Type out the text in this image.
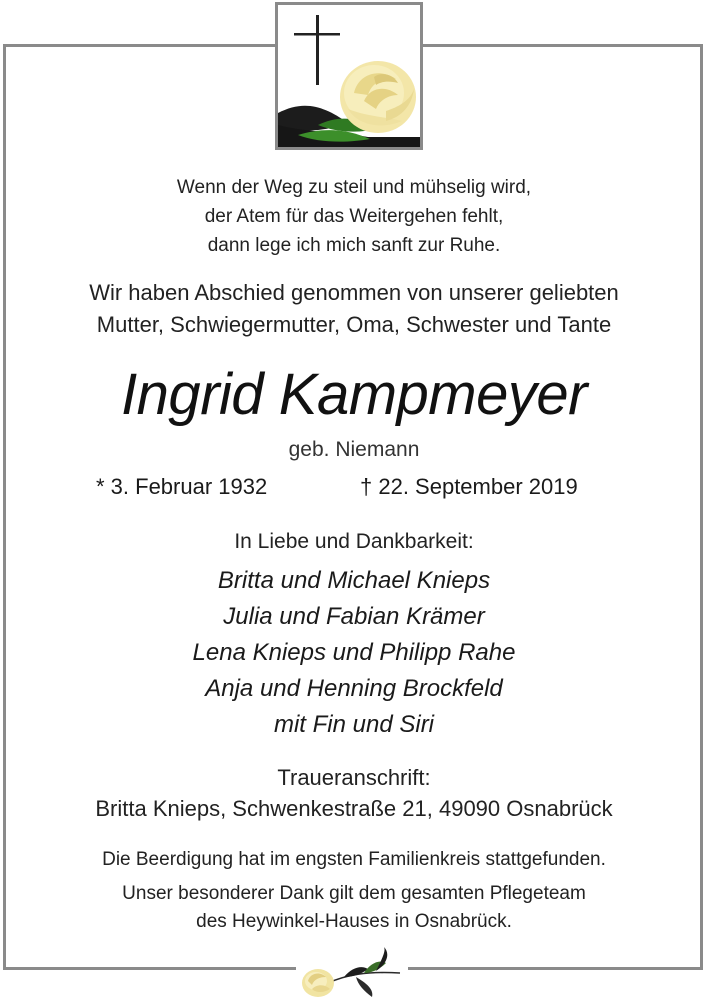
Wenn der Weg zu steil und mühselig wird,
der Atem für das Weitergehen fehlt,
dann lege ich mich sanft zur Ruhe.
Wir haben Abschied genommen von unserer geliebten
Mutter, Schwiegermutter, Oma, Schwester und Tante
Ingrid Kampmeyer
geb. Niemann
* 3. Februar 1932	† 22. September 2019
In Liebe und Dankbarkeit:
Britta und Michael Knieps
Julia und Fabian Krämer
Lena Knieps und Philipp Rahe
Anja und Henning Brockfeld
mit Fin und Siri
Traueranschrift:
Britta Knieps, Schwenkestraße 21, 49090 Osnabrück
Die Beerdigung hat im engsten Familienkreis stattgefunden.
Unser besonderer Dank gilt dem gesamten Pflegeteam
des Heywinkel-Hauses in Osnabrück.
